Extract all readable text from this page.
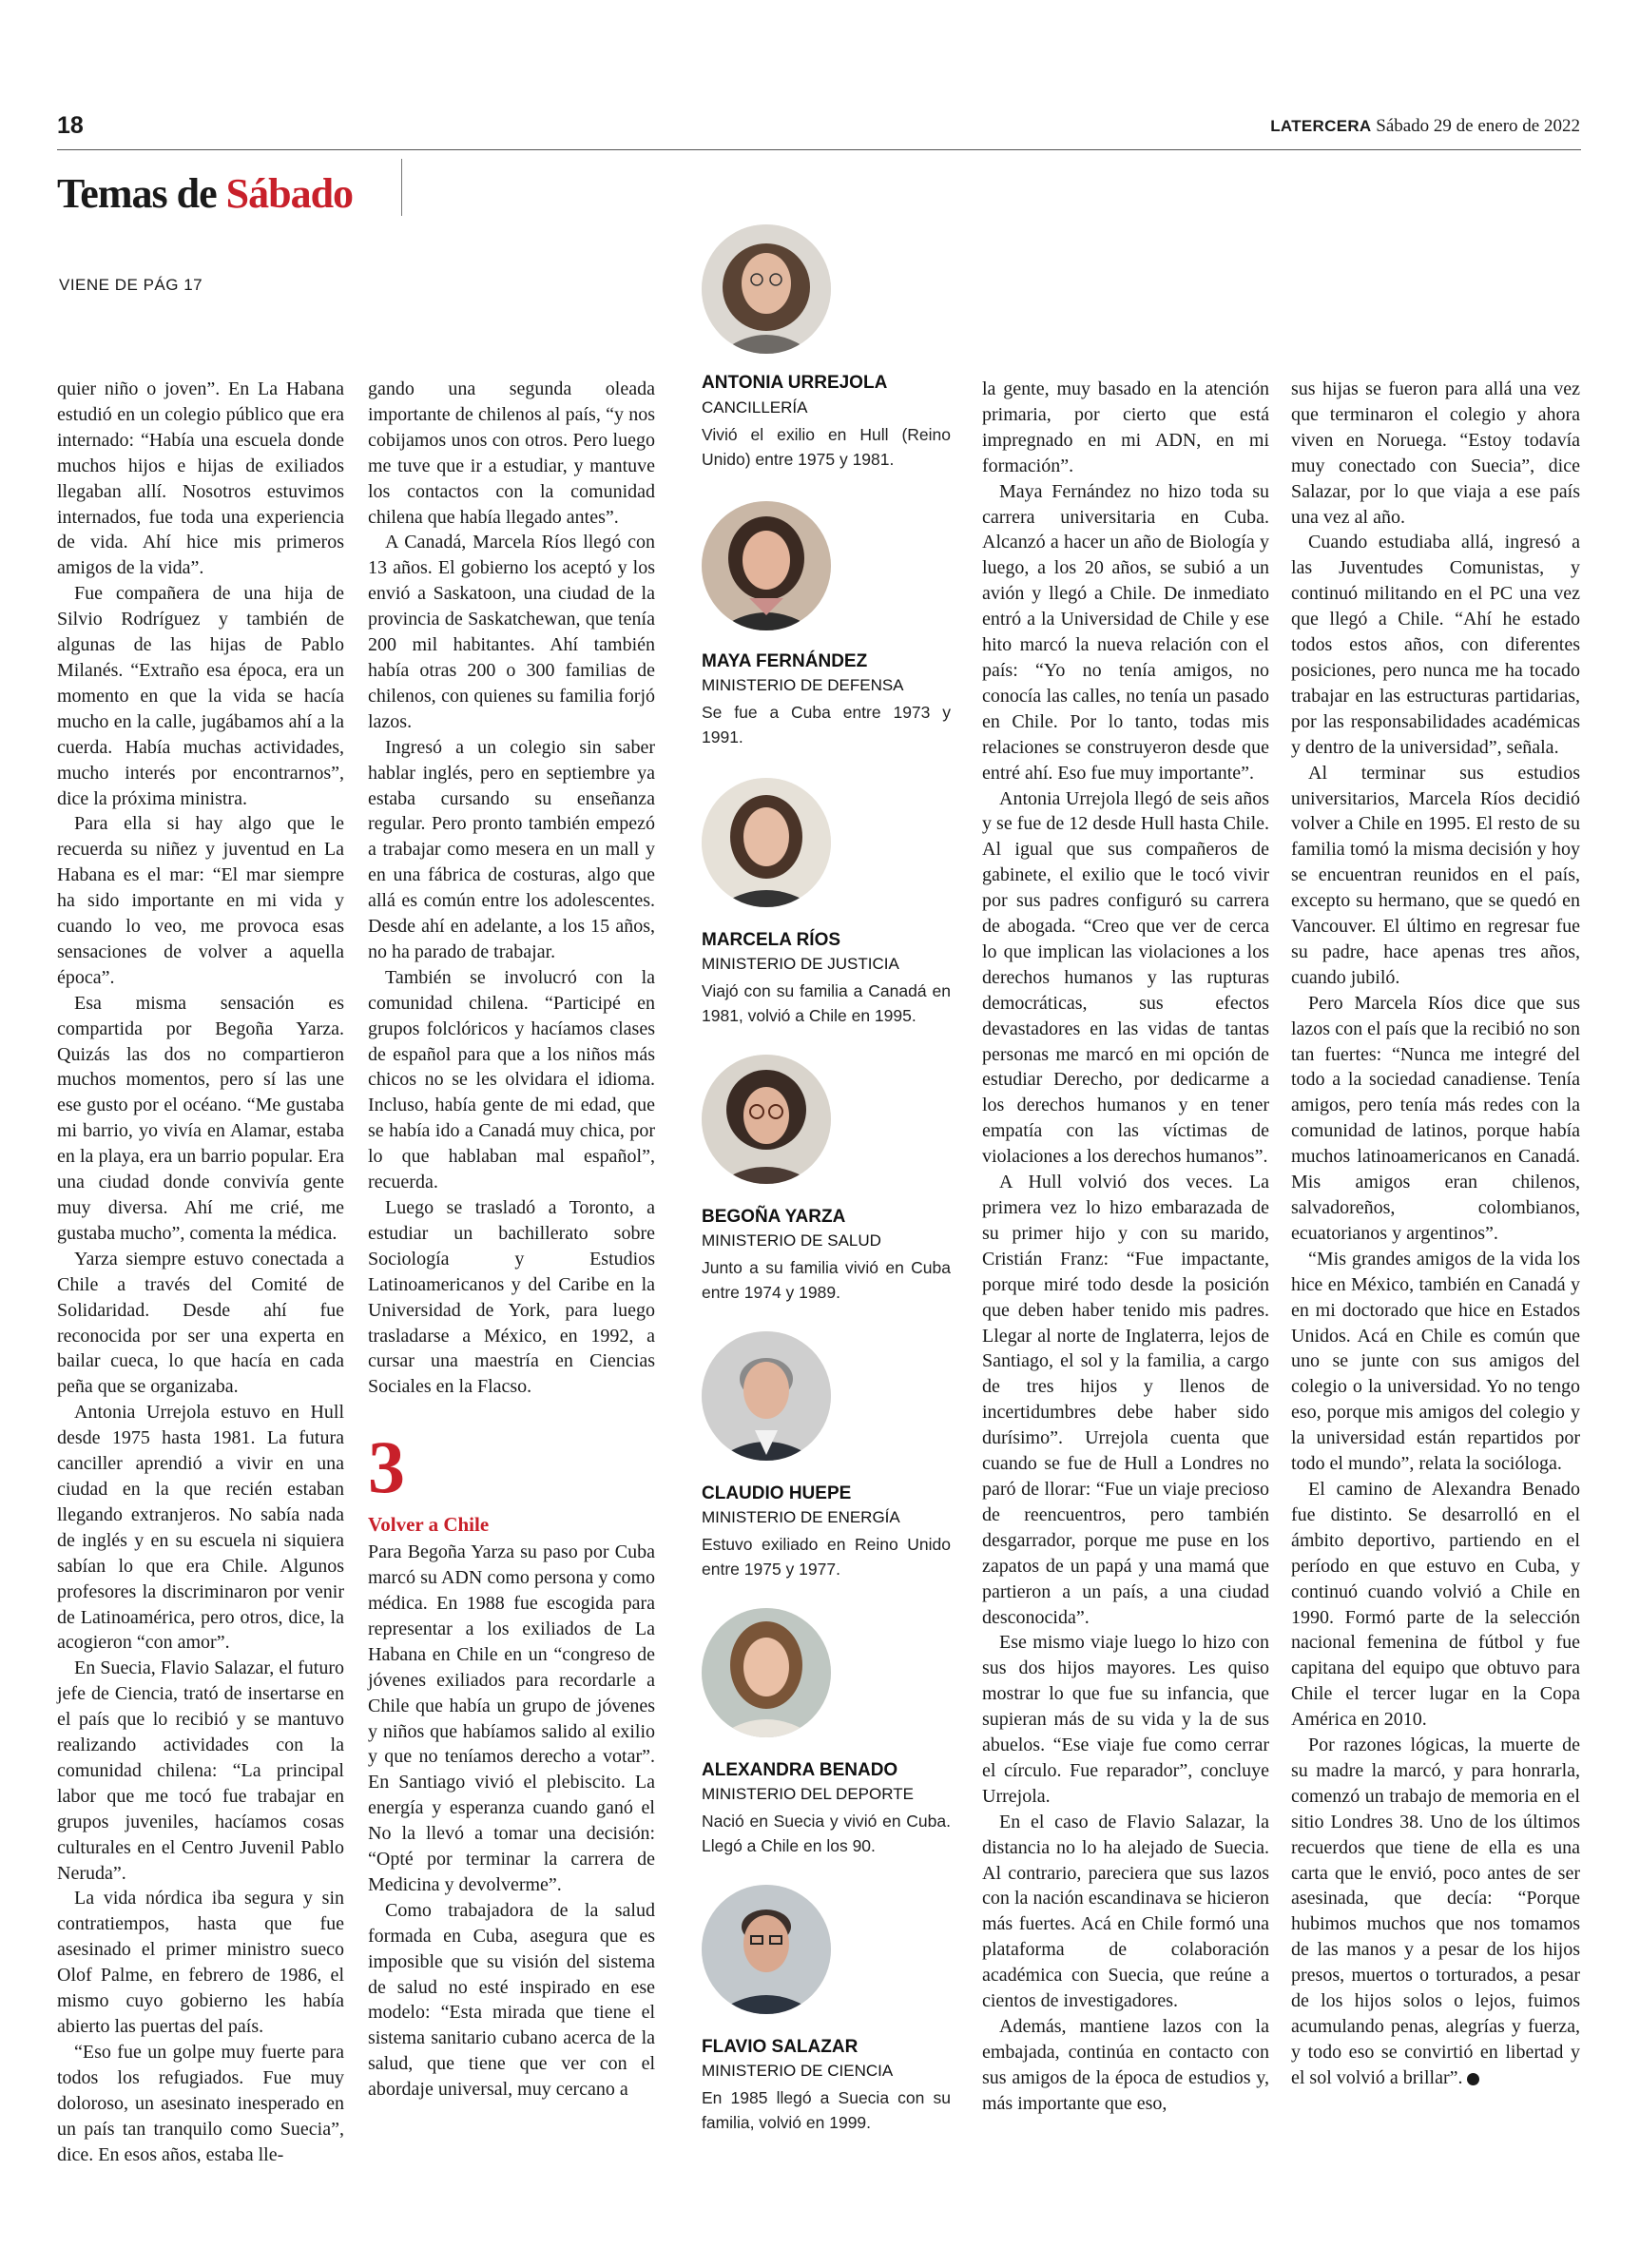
18	LATERCERA Sábado 29 de enero de 2022
Temas de Sábado
VIENE DE PÁG 17

quier niño o joven”. En La Habana estudió en un colegio público que era internado: “Había una escuela donde muchos hijos e hijas de exiliados llegaban allí. Nosotros estuvimos internados, fue toda una experiencia de vida. Ahí hice mis primeros amigos de la vida”.

Fue compañera de una hija de Silvio Rodríguez y también de algunas de las hijas de Pablo Milanés. “Extraño esa época, era un momento en que la vida se hacía mucho en la calle, jugábamos ahí a la cuerda. Había muchas actividades, mucho interés por encontrarnos”, dice la próxima ministra.

Para ella si hay algo que le recuerda su niñez y juventud en La Habana es el mar: “El mar siempre ha sido importante en mi vida y cuando lo veo, me provoca esas sensaciones de volver a aquella época”.

Esa misma sensación es compartida por Begoña Yarza. Quizás las dos no compartieron muchos momentos, pero sí las une ese gusto por el océano. “Me gustaba mi barrio, yo vivía en Alamar, estaba en la playa, era un barrio popular. Era una ciudad donde convivía gente muy diversa. Ahí me crié, me gustaba mucho”, comenta la médica.

Yarza siempre estuvo conectada a Chile a través del Comité de Solidaridad. Desde ahí fue reconocida por ser una experta en bailar cueca, lo que hacía en cada peña que se organizaba.

Antonia Urrejola estuvo en Hull desde 1975 hasta 1981. La futura canciller aprendió a vivir en una ciudad en la que recién estaban llegando extranjeros. No sabía nada de inglés y en su escuela ni siquiera sabían lo que era Chile. Algunos profesores la discriminaron por venir de Latinoamérica, pero otros, dice, la acogieron “con amor”.

En Suecia, Flavio Salazar, el futuro jefe de Ciencia, trató de insertarse en el país que lo recibió y se mantuvo realizando actividades con la comunidad chilena: “La principal labor que me tocó fue trabajar en grupos juveniles, hacíamos cosas culturales en el Centro Juvenil Pablo Neruda”.

La vida nórdica iba segura y sin contratiempos, hasta que fue asesinado el primer ministro sueco Olof Palme, en febrero de 1986, el mismo cuyo gobierno les había abierto las puertas del país.

“Eso fue un golpe muy fuerte para todos los refugiados. Fue muy doloroso, un asesinato inesperado en un país tan tranquilo como Suecia”, dice. En esos años, estaba lle-

gando una segunda oleada importante de chilenos al país, “y nos cobijamos unos con otros. Pero luego me tuve que ir a estudiar, y mantuve los contactos con la comunidad chilena que había llegado antes”.

A Canadá, Marcela Ríos llegó con 13 años. El gobierno los aceptó y los envió a Saskatoon, una ciudad de la provincia de Saskatchewan, que tenía 200 mil habitantes. Ahí también había otras 200 o 300 familias de chilenos, con quienes su familia forjó lazos.

Ingresó a un colegio sin saber hablar inglés, pero en septiembre ya estaba cursando su enseñanza regular. Pero pronto también empezó a trabajar como mesera en un mall y en una fábrica de costuras, algo que allá es común entre los adolescentes. Desde ahí en adelante, a los 15 años, no ha parado de trabajar.

También se involucró con la comunidad chilena. “Participé en grupos folclóricos y hacíamos clases de español para que a los niños más chicos no se les olvidara el idioma. Incluso, había gente de mi edad, que se había ido a Canadá muy chica, por lo que hablaban mal español”, recuerda.

Luego se trasladó a Toronto, a estudiar un bachillerato sobre Sociología y Estudios Latinoamericanos y del Caribe en la Universidad de York, para luego trasladarse a México, en 1992, a cursar una maestría en Ciencias Sociales en la Flacso.

3
Volver a Chile

Para Begoña Yarza su paso por Cuba marcó su ADN como persona y como médica. En 1988 fue escogida para representar a los exiliados de La Habana en Chile en un “congreso de jóvenes exiliados para recordarle a Chile que había un grupo de jóvenes y niños que habíamos salido al exilio y que no teníamos derecho a votar”. En Santiago vivió el plebiscito. La energía y esperanza cuando ganó el No la llevó a tomar una decisión: “Opté por terminar la carrera de Medicina y devolverme”.

Como trabajadora de la salud formada en Cuba, asegura que es imposible que su visión del sistema de salud no esté inspirado en ese modelo: “Esta mirada que tiene el sistema sanitario cubano acerca de la salud, que tiene que ver con el abordaje universal, muy cercano a

ANTONIA URREJOLA
CANCILLERÍA
Vivió el exilio en Hull (Reino Unido) entre 1975 y 1981.
MAYA FERNÁNDEZ
MINISTERIO DE DEFENSA
Se fue a Cuba entre 1973 y 1991.
MARCELA RÍOS
MINISTERIO DE JUSTICIA
Viajó con su familia a Canadá en 1981, volvió a Chile en 1995.
BEGOÑA YARZA
MINISTERIO DE SALUD
Junto a su familia vivió en Cuba entre 1974 y 1989.
CLAUDIO HUEPE
MINISTERIO DE ENERGÍA
Estuvo exiliado en Reino Unido entre 1975 y 1977.
ALEXANDRA BENADO
MINISTERIO DEL DEPORTE
Nació en Suecia y vivió en Cuba. Llegó a Chile en los 90.
FLAVIO SALAZAR
MINISTERIO DE CIENCIA
En 1985 llegó a Suecia con su familia, volvió en 1999.

la gente, muy basado en la atención primaria, por cierto que está impregnado en mi ADN, en mi formación”.

Maya Fernández no hizo toda su carrera universitaria en Cuba. Alcanzó a hacer un año de Biología y luego, a los 20 años, se subió a un avión y llegó a Chile. De inmediato entró a la Universidad de Chile y ese hito marcó la nueva relación con el país: “Yo no tenía amigos, no conocía las calles, no tenía un pasado en Chile. Por lo tanto, todas mis relaciones se construyeron desde que entré ahí. Eso fue muy importante”.

Antonia Urrejola llegó de seis años y se fue de 12 desde Hull hasta Chile. Al igual que sus compañeros de gabinete, el exilio que le tocó vivir por sus padres configuró su carrera de abogada. “Creo que ver de cerca lo que implican las violaciones a los derechos humanos y las rupturas democráticas, sus efectos devastadores en las vidas de tantas personas me marcó en mi opción de estudiar Derecho, por dedicarme a los derechos humanos y en tener empatía con las víctimas de violaciones a los derechos humanos”.

A Hull volvió dos veces. La primera vez lo hizo embarazada de su primer hijo y con su marido, Cristián Franz: “Fue impactante, porque miré todo desde la posición que deben haber tenido mis padres. Llegar al norte de Inglaterra, lejos de Santiago, el sol y la familia, a cargo de tres hijos y llenos de incertidumbres debe haber sido durísimo”. Urrejola cuenta que cuando se fue de Hull a Londres no paró de llorar: “Fue un viaje precioso de reencuentros, pero también desgarrador, porque me puse en los zapatos de un papá y una mamá que partieron a un país, a una ciudad desconocida”.

Ese mismo viaje luego lo hizo con sus dos hijos mayores. Les quiso mostrar lo que fue su infancia, que supieran más de su vida y la de sus abuelos. “Ese viaje fue como cerrar el círculo. Fue reparador”, concluye Urrejola.

En el caso de Flavio Salazar, la distancia no lo ha alejado de Suecia. Al contrario, pareciera que sus lazos con la nación escandinava se hicieron más fuertes. Acá en Chile formó una plataforma de colaboración académica con Suecia, que reúne a cientos de investigadores.

Además, mantiene lazos con la embajada, continúa en contacto con sus amigos de la época de estudios y, más importante que eso,

sus hijas se fueron para allá una vez que terminaron el colegio y ahora viven en Noruega. “Estoy todavía muy conectado con Suecia”, dice Salazar, por lo que viaja a ese país una vez al año.

Cuando estudiaba allá, ingresó a las Juventudes Comunistas, y continuó militando en el PC una vez que llegó a Chile. “Ahí he estado todos estos años, con diferentes posiciones, pero nunca me ha tocado trabajar en las estructuras partidarias, por las responsabilidades académicas y dentro de la universidad”, señala.

Al terminar sus estudios universitarios, Marcela Ríos decidió volver a Chile en 1995. El resto de su familia tomó la misma decisión y hoy se encuentran reunidos en el país, excepto su hermano, que se quedó en Vancouver. El último en regresar fue su padre, hace apenas tres años, cuando jubiló.

Pero Marcela Ríos dice que sus lazos con el país que la recibió no son tan fuertes: “Nunca me integré del todo a la sociedad canadiense. Tenía amigos, pero tenía más redes con la comunidad de latinos, porque había muchos latinoamericanos en Canadá. Mis amigos eran chilenos, salvadoreños, colombianos, ecuatorianos y argentinos”.

“Mis grandes amigos de la vida los hice en México, también en Canadá y en mi doctorado que hice en Estados Unidos. Acá en Chile es común que uno se junte con sus amigos del colegio o la universidad. Yo no tengo eso, porque mis amigos del colegio y la universidad están repartidos por todo el mundo”, relata la socióloga.

El camino de Alexandra Benado fue distinto. Se desarrolló en el ámbito deportivo, partiendo en el período en que estuvo en Cuba, y continuó cuando volvió a Chile en 1990. Formó parte de la selección nacional femenina de fútbol y fue capitana del equipo que obtuvo para Chile el tercer lugar en la Copa América en 2010.

Por razones lógicas, la muerte de su madre la marcó, y para honrarla, comenzó un trabajo de memoria en el sitio Londres 38. Uno de los últimos recuerdos que tiene de ella es una carta que le envió, poco antes de ser asesinada, que decía: “Porque hubimos muchos que nos tomamos de las manos y a pesar de los hijos presos, muertos o torturados, a pesar de los hijos solos o lejos, fuimos acumulando penas, alegrías y fuerza, y todo eso se convirtió en libertad y el sol volvió a brillar”.
